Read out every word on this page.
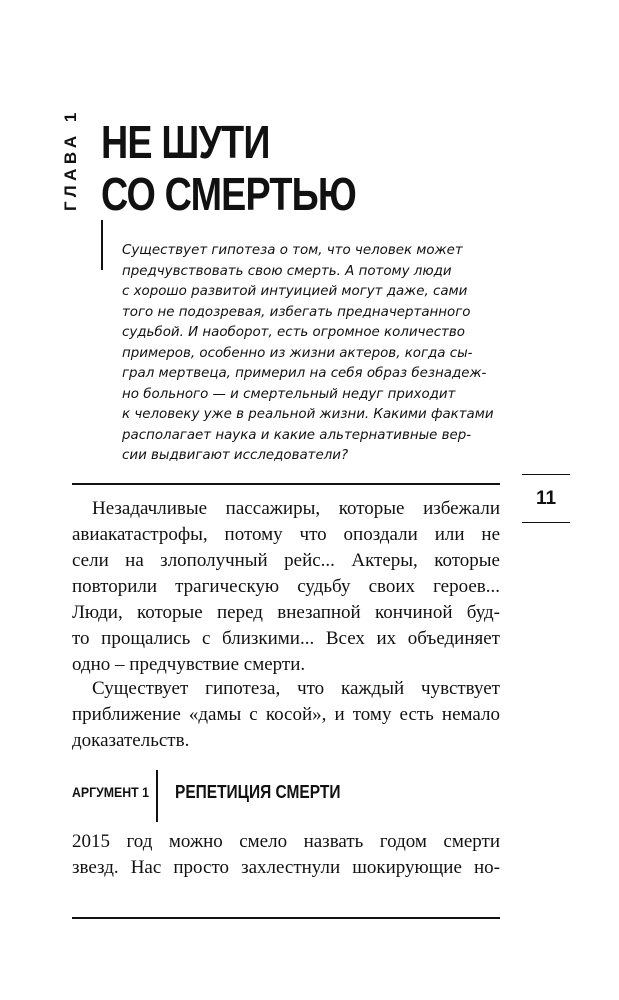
ГЛАВА 1 НЕ ШУТИ
СО СМЕРТЬЮ
Существует гипотеза о том, что человек может
предчувствовать свою смерть. А потому люди
с хорошо развитой интуицией могут даже, сами
того не подозревая, избегать предначертанного
судьбой. И наоборот, есть огромное количество
примеров, особенно из жизни актеров, когда сы-
грал мертвеца, примерил на себя образ безнадеж-
но больного — и смертельный недуг приходит
к человеку уже в реальной жизни. Какими фактами
располагает наука и какие альтернативные вер-
сии выдвигают исследователи?
11
Незадачливые пассажиры, которые избежали
авиакатастрофы, потому что опоздали или не
сели на злополучный рейс... Актеры, которые
повторили трагическую судьбу своих героев...
Люди, которые перед внезапной кончиной буд-
то прощались с близкими... Всех их объединяет
одно – предчувствие смерти.
Существует гипотеза, что каждый чувствует
приближение «дамы с косой», и тому есть немало
доказательств.
АРГУМЕНТ 1 РЕПЕТИЦИЯ СМЕРТИ
2015 год можно смело назвать годом смерти
звезд. Нас просто захлестнули шокирующие но-
